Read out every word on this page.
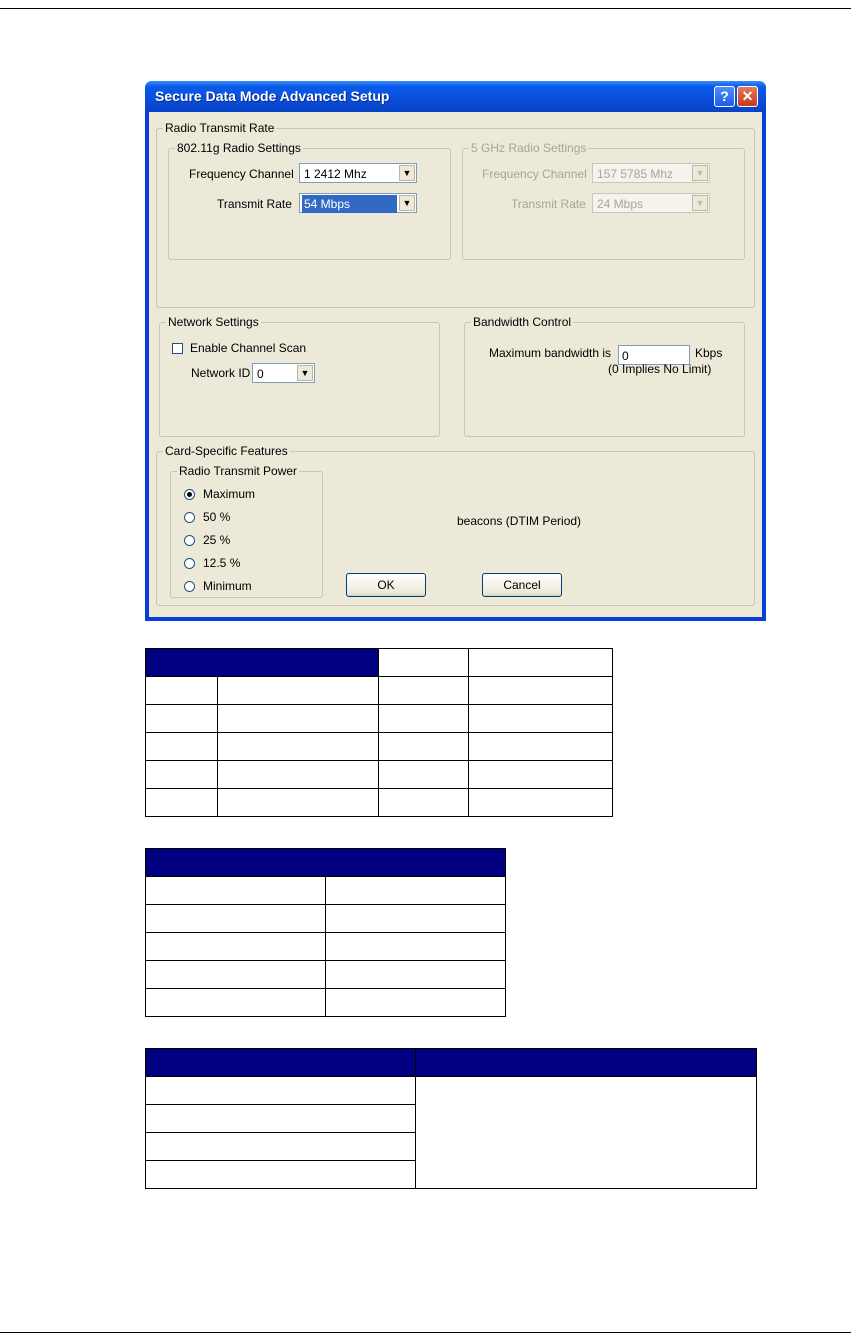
Secure Data Mode Advanced Setup	? ✕
Radio Transmit Rate
802.11g Radio Settings
Frequency Channel 1 2412 Mhz	▼
Transmit Rate 54 Mbps	▼
5 GHz Radio Settings
Frequency Channel 157 5785 Mhz	▼
Transmit Rate 24 Mbps	▼
Network Settings
Enable Channel Scan
Network ID 0	▼
Bandwidth Control
Maximum bandwidth is 0	Kbps
(0 Implies No Limit)
Card-Specific Features
Radio Transmit Power
Maximum
50 %
25 %
12.5 %
Minimum
beacons (DTIM Period)
OK	Cancel
